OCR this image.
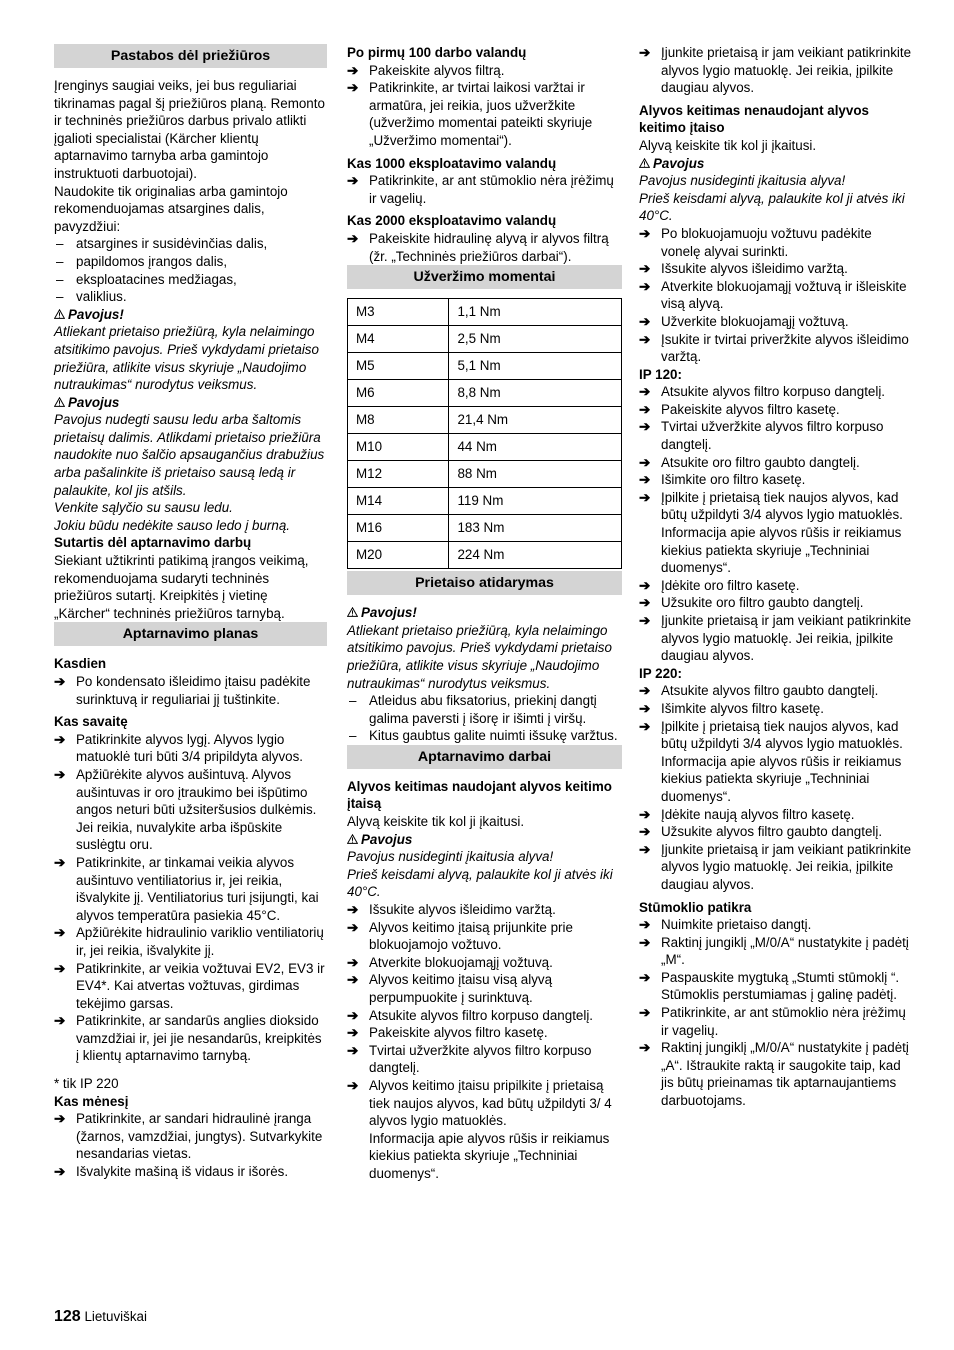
Pastabos dėl priežiūros
Įrenginys saugiai veiks, jei bus reguliariai tikrinamas pagal šį priežiūros planą. Remonto ir techninės priežiūros darbus privalo atlikti įgalioti specialistai (Kärcher klientų aptarnavimo tarnyba arba gamintojo instruktuoti darbuotojai).
Naudokite tik originalias arba gamintojo rekomenduojamas atsargines dalis, pavyzdžiui:
– atsargines ir susidėvinčias dalis,
– papildomos įrangos dalis,
– eksploatacines medžiagas,
– valiklius.
Pavojus!
Atliekant prietaiso priežiūrą, kyla nelaimingo atsitikimo pavojus. Prieš vykdydami prietaiso priežiūra, atlikite visus skyriuje „Naudojimo nutraukimas“ nurodytus veiksmus.
Pavojus
Pavojus nudegti sausu ledu arba šaltomis prietaisų dalimis. Atlikdami prietaiso priežiūra naudokite nuo šalčio apsaugančius drabužius arba pašalinkite iš prietaiso sausą ledą ir palaukite, kol jis atšils.
Venkite sąlyčio su sausu ledu.
Jokiu būdu nedėkite sauso ledo į burną.
Sutartis dėl aptarnavimo darbų
Siekiant užtikrinti patikimą įrangos veikimą, rekomenduojama sudaryti techninės priežiūros sutartį. Kreipkitės į vietinę „Kärcher“ techninės priežiūros tarnybą.
Aptarnavimo planas
Kasdien
➔ Po kondensato išleidimo įtaisu padėkite surinktuvą ir reguliariai jį tuštinkite.
Kas savaitę
➔ Patikrinkite alyvos lygį. Alyvos lygio matuoklė turi būti 3/4 pripildyta alyvos.
➔ Apžiūrėkite alyvos aušintuvą. Alyvos aušintuvas ir oro įtraukimo bei išpūtimo angos neturi būti užsiteršusios dulkėmis. Jei reikia, nuvalykite arba išpūskite suslėgtu oru.
➔ Patikrinkite, ar tinkamai veikia alyvos aušintuvo ventiliatorius ir, jei reikia, išvalykite jį. Ventiliatorius turi įsijungti, kai alyvos temperatūra pasiekia 45°C.
➔ Apžiūrėkite hidraulinio variklio ventiliatorių ir, jei reikia, išvalykite jį.
➔ Patikrinkite, ar veikia vožtuvai EV2, EV3 ir EV4*. Kai atvertas vožtuvas, girdimas tekėjimo garsas.
➔ Patikrinkite, ar sandarūs anglies dioksido vamzdžiai ir, jei jie nesandarūs, kreipkitės į klientų aptarnavimo tarnybą.
* tik IP 220
Kas mėnesį
➔ Patikrinkite, ar sandari hidraulinė įranga (žarnos, vamzdžiai, jungtys). Sutvarkykite nesandarias vietas.
➔ Išvalykite mašiną iš vidaus ir išorės.
Po pirmų 100 darbo valandų
➔ Pakeiskite alyvos filtrą.
➔ Patikrinkite, ar tvirtai laikosi varžtai ir armatūra, jei reikia, juos užveržkite (užveržimo momentai pateikti skyriuje „Užveržimo momentai“).
Kas 1000 eksploatavimo valandų
➔ Patikrinkite, ar ant stūmoklio nėra įrėžimų ir vagelių.
Kas 2000 eksploatavimo valandų
➔ Pakeiskite hidraulinę alyvą ir alyvos filtrą (žr. „Techninės priežiūros darbai“).
Užveržimo momentai
M3	1,1 Nm
M4	2,5 Nm
M5	5,1 Nm
M6	8,8 Nm
M8	21,4 Nm
M10	44 Nm
M12	88 Nm
M14	119 Nm
M16	183 Nm
M20	224 Nm
Prietaiso atidarymas
Pavojus!
Atliekant prietaiso priežiūrą, kyla nelaimingo atsitikimo pavojus. Prieš vykdydami prietaiso priežiūra, atlikite visus skyriuje „Naudojimo nutraukimas“ nurodytus veiksmus.
– Atleidus abu fiksatorius, priekinį dangtį galima paversti į išorę ir išimti į viršų.
– Kitus gaubtus galite nuimti išsukę varžtus.
Aptarnavimo darbai
Alyvos keitimas naudojant alyvos keitimo įtaisą
Alyvą keiskite tik kol ji įkaitusi.
Pavojus
Pavojus nusideginti įkaitusia alyva!
Prieš keisdami alyvą, palaukite kol ji atvės iki 40°C.
➔ Išsukite alyvos išleidimo varžtą.
➔ Alyvos keitimo įtaisą prijunkite prie blokuojamojo vožtuvo.
➔ Atverkite blokuojamąjį vožtuvą.
➔ Alyvos keitimo įtaisu visą alyvą perpumpuokite į surinktuvą.
➔ Atsukite alyvos filtro korpuso dangtelį.
➔ Pakeiskite alyvos filtro kasetę.
➔ Tvirtai užveržkite alyvos filtro korpuso dangtelį.
➔ Alyvos keitimo įtaisu pripilkite į prietaisą tiek naujos alyvos, kad būtų užpildyti 3/ 4 alyvos lygio matuoklės.
Informacija apie alyvos rūšis ir reikiamus kiekius patiekta skyriuje „Techniniai duomenys“.
➔ Įjunkite prietaisą ir jam veikiant patikrinkite alyvos lygio matuoklę. Jei reikia, įpilkite daugiau alyvos.
Alyvos keitimas nenaudojant alyvos keitimo įtaiso
Alyvą keiskite tik kol ji įkaitusi.
Pavojus
Pavojus nusideginti įkaitusia alyva!
Prieš keisdami alyvą, palaukite kol ji atvės iki 40°C.
➔ Po blokuojamuoju vožtuvu padėkite vonelę alyvai surinkti.
➔ Išsukite alyvos išleidimo varžtą.
➔ Atverkite blokuojamąjį vožtuvą ir išleiskite visą alyvą.
➔ Užverkite blokuojamąjį vožtuvą.
➔ Įsukite ir tvirtai priveržkite alyvos išleidimo varžtą.
IP 120:
➔ Atsukite alyvos filtro korpuso dangtelį.
➔ Pakeiskite alyvos filtro kasetę.
➔ Tvirtai užveržkite alyvos filtro korpuso dangtelį.
➔ Atsukite oro filtro gaubto dangtelį.
➔ Išimkite oro filtro kasetę.
➔ Įpilkite į prietaisą tiek naujos alyvos, kad būtų užpildyti 3/4 alyvos lygio matuoklės.
Informacija apie alyvos rūšis ir reikiamus kiekius patiekta skyriuje „Techniniai duomenys“.
➔ Įdėkite oro filtro kasetę.
➔ Užsukite oro filtro gaubto dangtelį.
➔ Įjunkite prietaisą ir jam veikiant patikrinkite alyvos lygio matuoklę. Jei reikia, įpilkite daugiau alyvos.
IP 220:
➔ Atsukite alyvos filtro gaubto dangtelį.
➔ Išimkite alyvos filtro kasetę.
➔ Įpilkite į prietaisą tiek naujos alyvos, kad būtų užpildyti 3/4 alyvos lygio matuoklės.
Informacija apie alyvos rūšis ir reikiamus kiekius patiekta skyriuje „Techniniai duomenys“.
➔ Įdėkite naują alyvos filtro kasetę.
➔ Užsukite alyvos filtro gaubto dangtelį.
➔ Įjunkite prietaisą ir jam veikiant patikrinkite alyvos lygio matuoklę. Jei reikia, įpilkite daugiau alyvos.
Stūmoklio patikra
➔ Nuimkite prietaiso dangtį.
➔ Raktinį jungiklį „M/0/A“ nustatykite į padėtį „M“.
➔ Paspauskite mygtuką „Stumti stūmoklį “.
Stūmoklis perstumiamas į galinę padėtį.
➔ Patikrinkite, ar ant stūmoklio nėra įrėžimų ir vagelių.
➔ Raktinį jungiklį „M/0/A“ nustatykite į padėtį „A“. Ištraukite raktą ir saugokite taip, kad jis būtų prieinamas tik aptarnaujantiems darbuotojams.
128 Lietuviškai
